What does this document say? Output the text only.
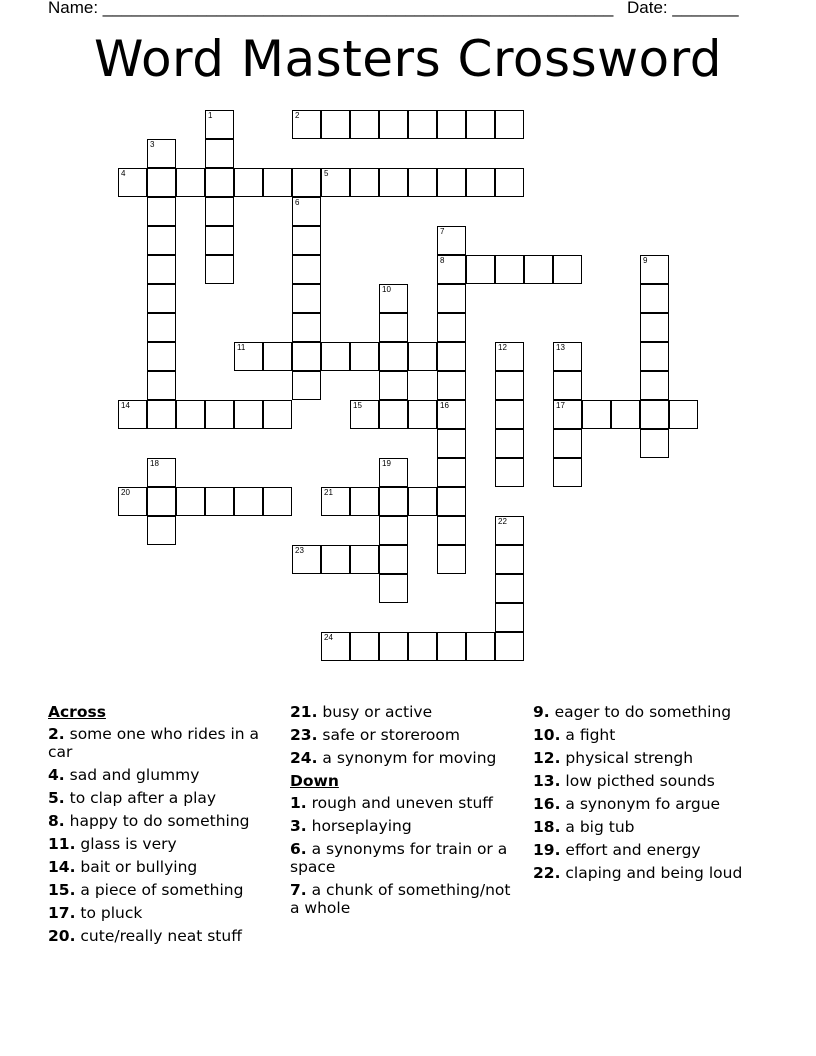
Name: ______________________________________________________ Date: _______
Word Masters Crossword
1	2
3
4	5
6
7
8	9
10
11	12	13
17
14	15	16
18	19
20	21
22
23
24
Across
2. some one who rides in a car
4. sad and glummy
5. to clap after a play
8. happy to do something
11. glass is very
14. bait or bullying
15. a piece of something
17. to pluck
20. cute/really neat stuff
21. busy or active
23. safe or storeroom
24. a synonym for moving
Down
1. rough and uneven stuff
3. horseplaying
6. a synonyms for train or a space
7. a chunk of something/not a whole
9. eager to do something
10. a fight
12. physical strengh
13. low picthed sounds
16. a synonym fo argue
18. a big tub
19. effort and energy
22. claping and being loud
